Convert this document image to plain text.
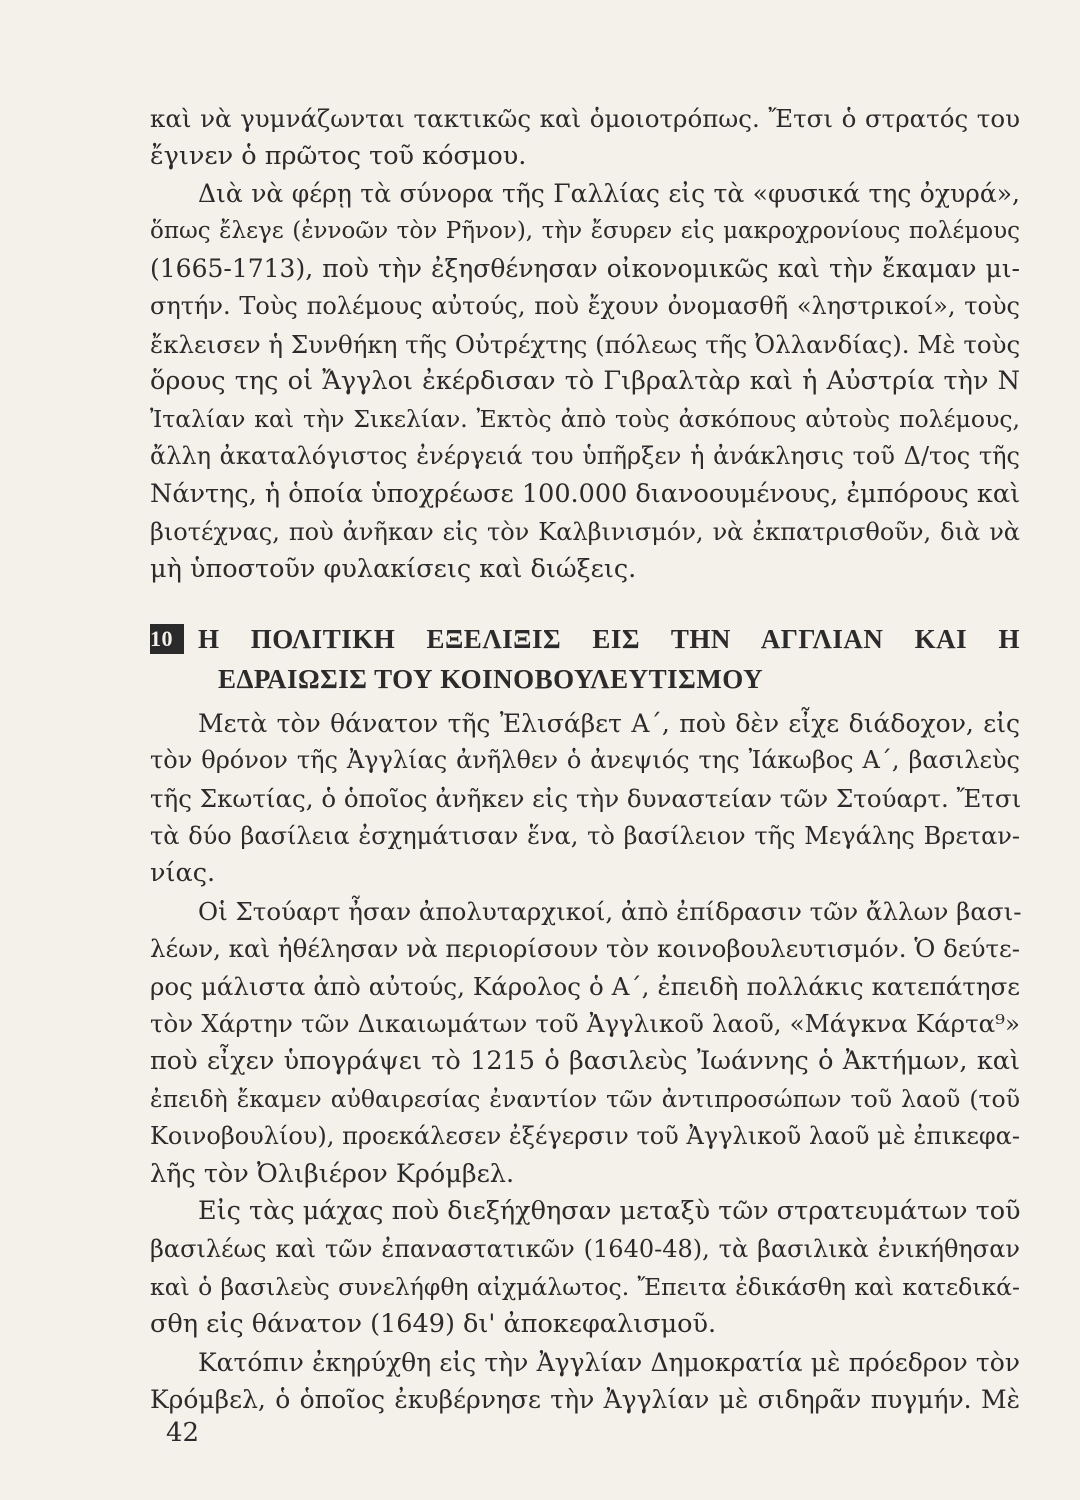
καὶ νὰ γυμνάζωνται τακτικῶς καὶ ὁμοιοτρόπως. Ἔτσι ὁ στρατός του

ἔγινεν ὁ πρῶτος τοῦ κόσμου.

Διὰ νὰ φέρῃ τὰ σύνορα τῆς Γαλλίας εἰς τὰ «φυσικά της ὀχυρά»,

ὅπως ἔλεγε (ἐννοῶν τὸν Ρῆνον), τὴν ἔσυρεν εἰς μακροχρονίους πολέμους

(1665-1713), ποὺ τὴν ἐξησθένησαν οἰκονομικῶς καὶ τὴν ἔκαμαν μι-

σητήν. Τοὺς πολέμους αὐτούς, ποὺ ἔχουν ὀνομασθῆ «ληστρικοί», τοὺς

ἔκλεισεν ἡ Συνθήκη τῆς Οὐτρέχτης (πόλεως τῆς Ὀλλανδίας). Μὲ τοὺς

ὅρους της οἱ Ἄγγλοι ἐκέρδισαν τὸ Γιβραλτὰρ καὶ ἡ Αὐστρία τὴν Ν

Ἰταλίαν καὶ τὴν Σικελίαν. Ἐκτὸς ἀπὸ τοὺς ἀσκόπους αὐτοὺς πολέμους,

ἄλλη ἀκαταλόγιστος ἐνέργειά του ὑπῆρξεν ἡ ἀνάκλησις τοῦ Δ/τος τῆς

Νάντης, ἡ ὁποία ὑποχρέωσε 100.000 διανοουμένους, ἐμπόρους καὶ

βιοτέχνας, ποὺ ἀνῆκαν εἰς τὸν Καλβινισμόν, νὰ ἐκπατρισθοῦν, διὰ νὰ

μὴ ὑποστοῦν φυλακίσεις καὶ διώξεις.

10 Η ΠΟΛΙΤΙΚΗ ΕΞΕΛΙΞΙΣ ΕΙΣ ΤΗΝ ΑΓΓΛΙΑΝ ΚΑΙ Η
ΕΔΡΑΙΩΣΙΣ ΤΟΥ ΚΟΙΝΟΒΟΥΛΕΥΤΙΣΜΟΥ

Μετὰ τὸν θάνατον τῆς Ἐλισάβετ Α΄, ποὺ δὲν εἶχε διάδοχον, εἰς

τὸν θρόνον τῆς Ἀγγλίας ἀνῆλθεν ὁ ἀνεψιός της Ἰάκωβος Α΄, βασιλεὺς

τῆς Σκωτίας, ὁ ὁποῖος ἀνῆκεν εἰς τὴν δυναστείαν τῶν Στούαρτ. Ἔτσι

τὰ δύο βασίλεια ἐσχημάτισαν ἕνα, τὸ βασίλειον τῆς Μεγάλης Βρεταν-

νίας.

Οἱ Στούαρτ ἦσαν ἀπολυταρχικοί, ἀπὸ ἐπίδρασιν τῶν ἄλλων βασι-

λέων, καὶ ἠθέλησαν νὰ περιορίσουν τὸν κοινοβουλευτισμόν. Ὁ δεύτε-

ρος μάλιστα ἀπὸ αὐτούς, Κάρολος ὁ Α΄, ἐπειδὴ πολλάκις κατεπάτησε

τὸν Χάρτην τῶν Δικαιωμάτων τοῦ Ἀγγλικοῦ λαοῦ, «Μάγκνα Κάρτα⁹»

ποὺ εἶχεν ὑπογράψει τὸ 1215 ὁ βασιλεὺς Ἰωάννης ὁ Ἀκτήμων, καὶ

ἐπειδὴ ἔκαμεν αὐθαιρεσίας ἐναντίον τῶν ἀντιπροσώπων τοῦ λαοῦ (τοῦ

Κοινοβουλίου), προεκάλεσεν ἐξέγερσιν τοῦ Ἀγγλικοῦ λαοῦ μὲ ἐπικεφα-

λῆς τὸν Ὀλιβιέρον Κρόμβελ.

Εἰς τὰς μάχας ποὺ διεξήχθησαν μεταξὺ τῶν στρατευμάτων τοῦ

βασιλέως καὶ τῶν ἐπαναστατικῶν (1640-48), τὰ βασιλικὰ ἐνικήθησαν

καὶ ὁ βασιλεὺς συνελήφθη αἰχμάλωτος. Ἔπειτα ἐδικάσθη καὶ κατεδικά-

σθη εἰς θάνατον (1649) δι' ἀποκεφαλισμοῦ.

Κατόπιν ἐκηρύχθη εἰς τὴν Ἀγγλίαν Δημοκρατία μὲ πρόεδρον τὸν

Κρόμβελ, ὁ ὁποῖος ἐκυβέρνησε τὴν Ἀγγλίαν μὲ σιδηρᾶν πυγμήν. Μὲ

42
